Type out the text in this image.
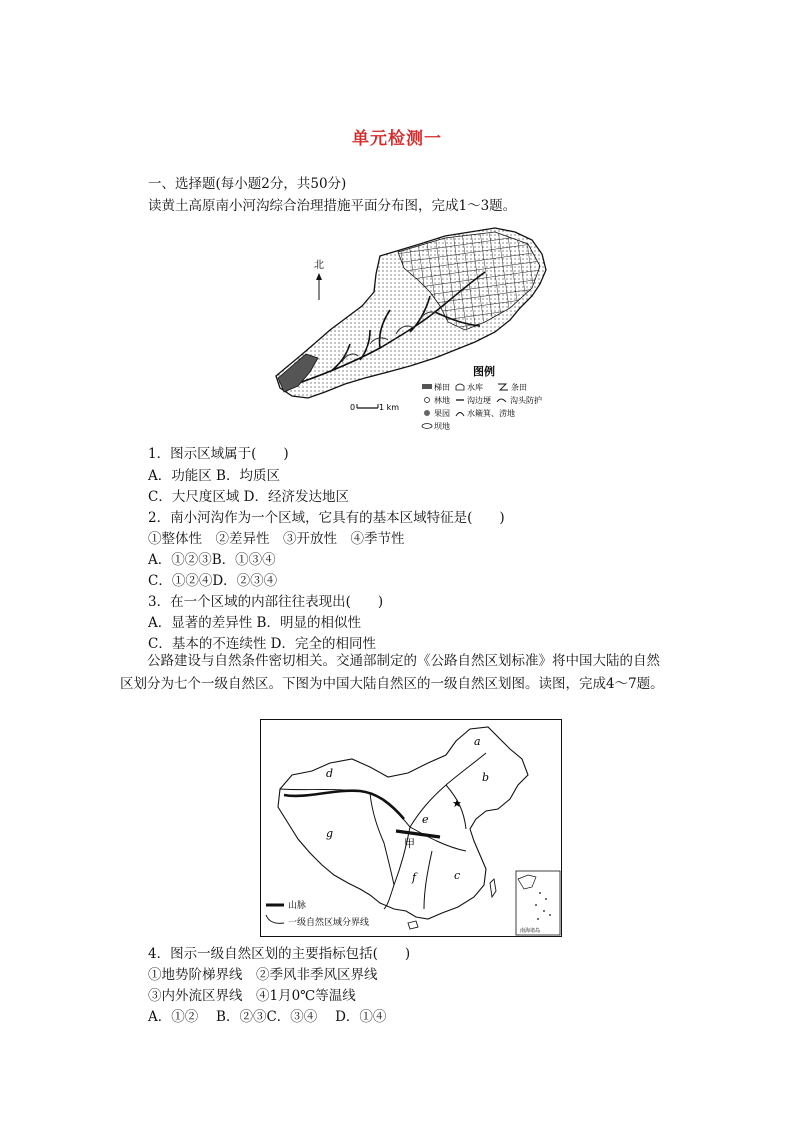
单元检测一
一、选择题(每小题2分，共50分)
读黄土高原南小河沟综合治理措施平面分布图，完成1～3题。
北
图例
梯田 水库	条田
林地 沟边埂 沟头防护
果园 水簸箕、涝地
坝地
0	1 km
1．图示区域属于(　　)
A．功能区 B．均质区
C．大尺度区域 D．经济发达地区
2．南小河沟作为一个区域，它具有的基本区域特征是(　　)
①整体性　②差异性　③开放性　④季节性
A．①②③B．①③④
C．①②④D．②③④
3．在一个区域的内部往往表现出(　　)
A．显著的差异性 B．明显的相似性
C．基本的不连续性 D．完全的相同性
公路建设与自然条件密切相关。交通部制定的《公路自然区划标准》将中国大陆的自然区划分为七个一级自然区。下图为中国大陆自然区的一级自然区划图。读图，完成4～7题。
a
b
c
d
e
f
g
甲
★
山脉
一级自然区域分界线
南海诸岛
4．图示一级自然区划的主要指标包括(　　)
①地势阶梯界线　②季风非季风区界线
③内外流区界线　④1月0℃等温线
A．①②　 B．②③C．③④　 D．①④
